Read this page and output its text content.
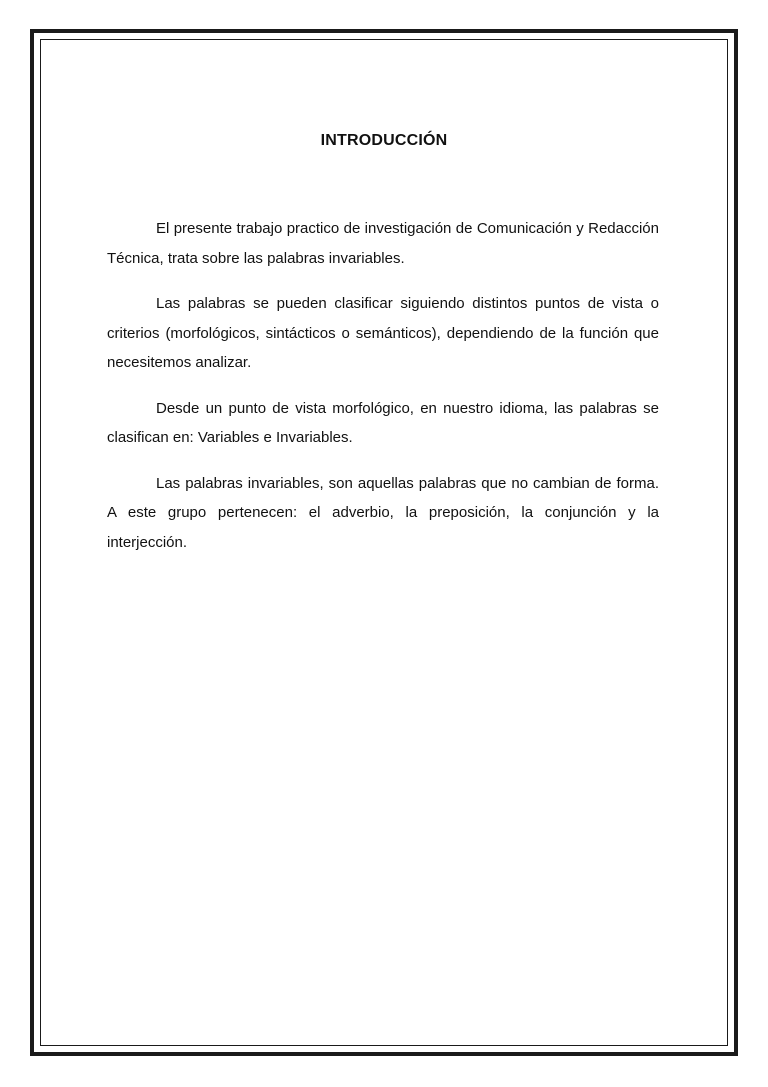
INTRODUCCIÓN

El presente trabajo practico de investigación de Comunicación y Redacción Técnica, trata sobre las palabras invariables.

Las palabras se pueden clasificar siguiendo distintos puntos de vista o criterios (morfológicos, sintácticos o semánticos), dependiendo de la función que necesitemos analizar.

Desde un punto de vista morfológico, en nuestro idioma, las palabras se clasifican en: Variables e Invariables.

Las palabras invariables, son aquellas palabras que no cambian de forma. A este grupo pertenecen: el adverbio, la preposición, la conjunción y la interjección.
